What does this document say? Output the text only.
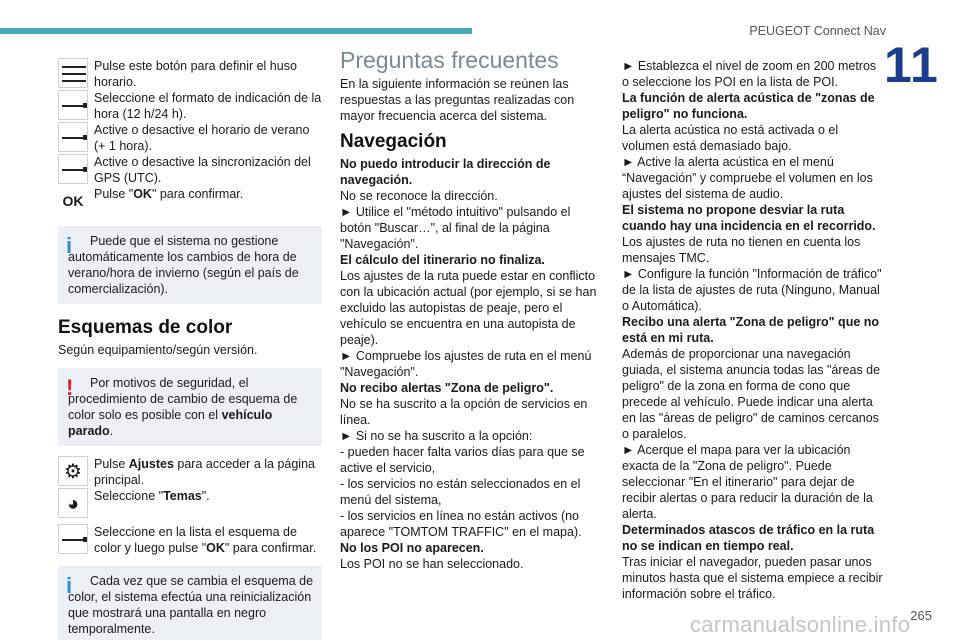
PEUGEOT Connect Nav
11
Pulse este botón para definir el huso horario.
Seleccione el formato de indicación de la hora (12 h/24 h).
Active o desactive el horario de verano (+ 1 hora).
Active o desactive la sincronización del GPS (UTC).
OK Pulse "OK" para confirmar.
i	Puede que el sistema no gestione automáticamente los cambios de hora de verano/hora de invierno (según el país de comercialización).

Esquemas de color
Según equipamiento/según versión.
!	Por motivos de seguridad, el procedimiento de cambio de esquema de color solo es posible con el vehículo parado.

⚙ Pulse Ajustes para acceder a la página principal.
◕	Seleccione "Temas".
Seleccione en la lista el esquema de color y luego pulse "OK" para confirmar.
i	Cada vez que se cambia el esquema de color, el sistema efectúa una reinicialización que mostrará una pantalla en negro temporalmente.

Preguntas frecuentes

En la siguiente información se reúnen las respuestas a las preguntas realizadas con mayor frecuencia acerca del sistema.

Navegación

No puedo introducir la dirección de navegación.

No se reconoce la dirección.

► Utilice el "método intuitivo" pulsando el botón "Buscar…", al final de la página "Navegación".

El cálculo del itinerario no finaliza.

Los ajustes de la ruta puede estar en conflicto con la ubicación actual (por ejemplo, si se han excluido las autopistas de peaje, pero el vehículo se encuentra en una autopista de peaje).

► Compruebe los ajustes de ruta en el menú "Navegación".

No recibo alertas "Zona de peligro".

No se ha suscrito a la opción de servicios en línea.

► Si no se ha suscrito a la opción:

- pueden hacer falta varios días para que se active el servicio,

- los servicios no están seleccionados en el menú del sistema,

- los servicios en línea no están activos (no aparece "TOMTOM TRAFFIC" en el mapa).

No los POI no aparecen.

Los POI no se han seleccionado.

► Establezca el nivel de zoom en 200 metros o seleccione los POI en la lista de POI.

La función de alerta acústica de "zonas de peligro" no funciona.

La alerta acústica no está activada o el volumen está demasiado bajo.

► Active la alerta acústica en el menú “Navegación” y compruebe el volumen en los ajustes del sistema de audio.

El sistema no propone desviar la ruta cuando hay una incidencia en el recorrido.

Los ajustes de ruta no tienen en cuenta los mensajes TMC.

► Configure la función "Información de tráfico" de la lista de ajustes de ruta (Ninguno, Manual o Automática).

Recibo una alerta "Zona de peligro" que no está en mi ruta.

Además de proporcionar una navegación guiada, el sistema anuncia todas las "áreas de peligro" de la zona en forma de cono que precede al vehículo. Puede indicar una alerta en las "áreas de peligro" de caminos cercanos o paralelos.

► Acerque el mapa para ver la ubicación exacta de la "Zona de peligro". Puede seleccionar "En el itinerario" para dejar de recibir alertas o para reducir la duración de la alerta.

Determinados atascos de tráfico en la ruta no se indican en tiempo real.

Tras iniciar el navegador, pueden pasar unos minutos hasta que el sistema empiece a recibir información sobre el tráfico.

carmanualsonline.info 265
